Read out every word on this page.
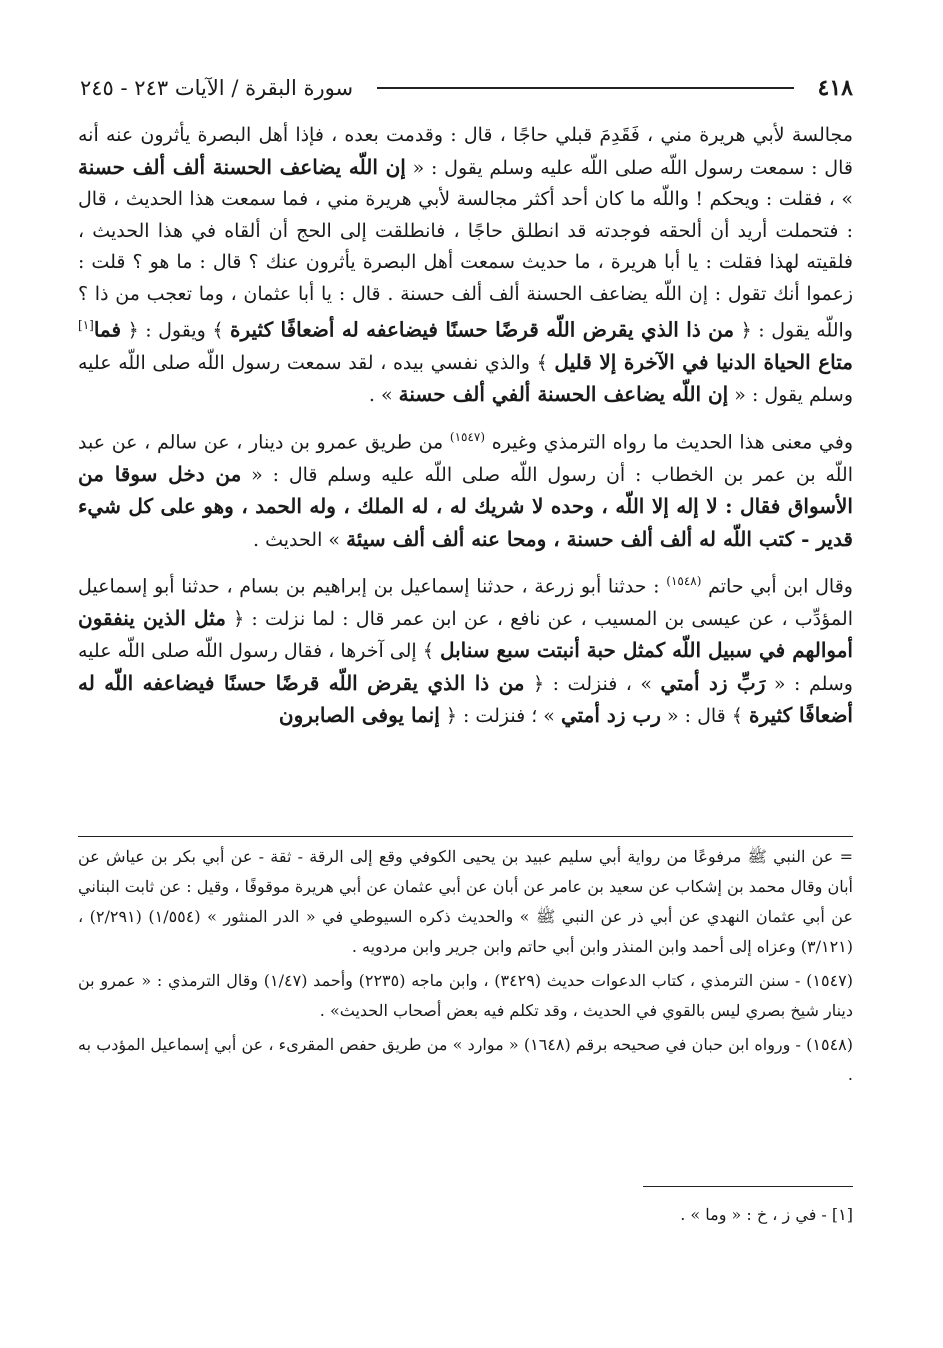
٤١٨
سورة البقرة / الآيات ٢٤٣ - ٢٤٥

مجالسة لأبي هريرة مني ، فَقَدِمَ قبلي حاجًا ، قال : وقدمت بعده ، فإذا أهل البصرة يأثرون عنه أنه قال : سمعت رسول اللّه صلى اللّه عليه وسلم يقول : « إن اللّه يضاعف الحسنة ألف ألف حسنة » ، فقلت : ويحكم ! واللّه ما كان أحد أكثر مجالسة لأبي هريرة مني ، فما سمعت هذا الحديث ، قال : فتحملت أريد أن ألحقه فوجدته قد انطلق حاجًا ، فانطلقت إلى الحج أن ألقاه في هذا الحديث ، فلقيته لهذا فقلت : يا أبا هريرة ، ما حديث سمعت أهل البصرة يأثرون عنك ؟ قال : ما هو ؟ قلت : زعموا أنك تقول : إن اللّه يضاعف الحسنة ألف ألف حسنة . قال : يا أبا عثمان ، وما تعجب من ذا ؟ واللّه يقول : ﴿ من ذا الذي يقرض اللّه قرضًا حسنًا فيضاعفه له أضعافًا كثيرة ﴾ ويقول : ﴿ فما[١] متاع الحياة الدنيا في الآخرة إلا قليل ﴾ والذي نفسي بيده ، لقد سمعت رسول اللّه صلى اللّه عليه وسلم يقول : « إن اللّه يضاعف الحسنة ألفي ألف حسنة » .

وفي معنى هذا الحديث ما رواه الترمذي وغيره $^{(١٥٤٧)}$ من طريق عمرو بن دينار ، عن سالم ، عن عبد اللّه بن عمر بن الخطاب : أن رسول اللّه صلى اللّه عليه وسلم قال : « من دخل سوقا من الأسواق فقال : لا إله إلا اللّه ، وحده لا شريك له ، له الملك ، وله الحمد ، وهو على كل شيء قدير - كتب اللّه له ألف ألف حسنة ، ومحا عنه ألف ألف سيئة » الحديث .

وقال ابن أبي حاتم $^{(١٥٤٨)}$ : حدثنا أبو زرعة ، حدثنا إسماعيل بن إبراهيم بن بسام ، حدثنا أبو إسماعيل المؤدِّب ، عن عيسى بن المسيب ، عن نافع ، عن ابن عمر قال : لما نزلت : ﴿ مثل الذين ينفقون أموالهم في سبيل اللّه كمثل حبة أنبتت سبع سنابل ﴾ إلى آخرها ، فقال رسول اللّه صلى اللّه عليه وسلم : « رَبِّ زد أمتي » ، فنزلت : ﴿ من ذا الذي يقرض اللّه قرضًا حسنًا فيضاعفه اللّه له أضعافًا كثيرة ﴾ قال : « رب زد أمتي » ؛ فنزلت : ﴿ إنما يوفى الصابرون

= عن النبي ﷺ مرفوعًا من رواية أبي سليم عبيد بن يحيى الكوفي وقع إلى الرقة - ثقة - عن أبي بكر بن عياش عن أبان وقال محمد بن إشكاب عن سعيد بن عامر عن أبان عن أبي عثمان عن أبي هريرة موقوفًا ، وقيل : عن ثابت البناني عن أبي عثمان النهدي عن أبي ذر عن النبي ﷺ » والحديث ذكره السيوطي في « الدر المنثور » (١/٥٥٤) (٢/٢٩١) ، (٣/١٢١) وعزاه إلى أحمد وابن المنذر وابن أبي حاتم وابن جرير وابن مردويه .

(١٥٤٧) - سنن الترمذي ، كتاب الدعوات حديث (٣٤٢٩) ، وابن ماجه (٢٢٣٥) وأحمد (١/٤٧) وقال الترمذي : « عمرو بن دينار شيخ بصري ليس بالقوي في الحديث ، وقد تكلم فيه بعض أصحاب الحديث» .

(١٥٤٨) - ورواه ابن حبان في صحيحه برقم (١٦٤٨) « موارد » من طريق حفص المقرىء ، عن أبي إسماعيل المؤدب به .

[١] - في ز ، خ : « وما » .
